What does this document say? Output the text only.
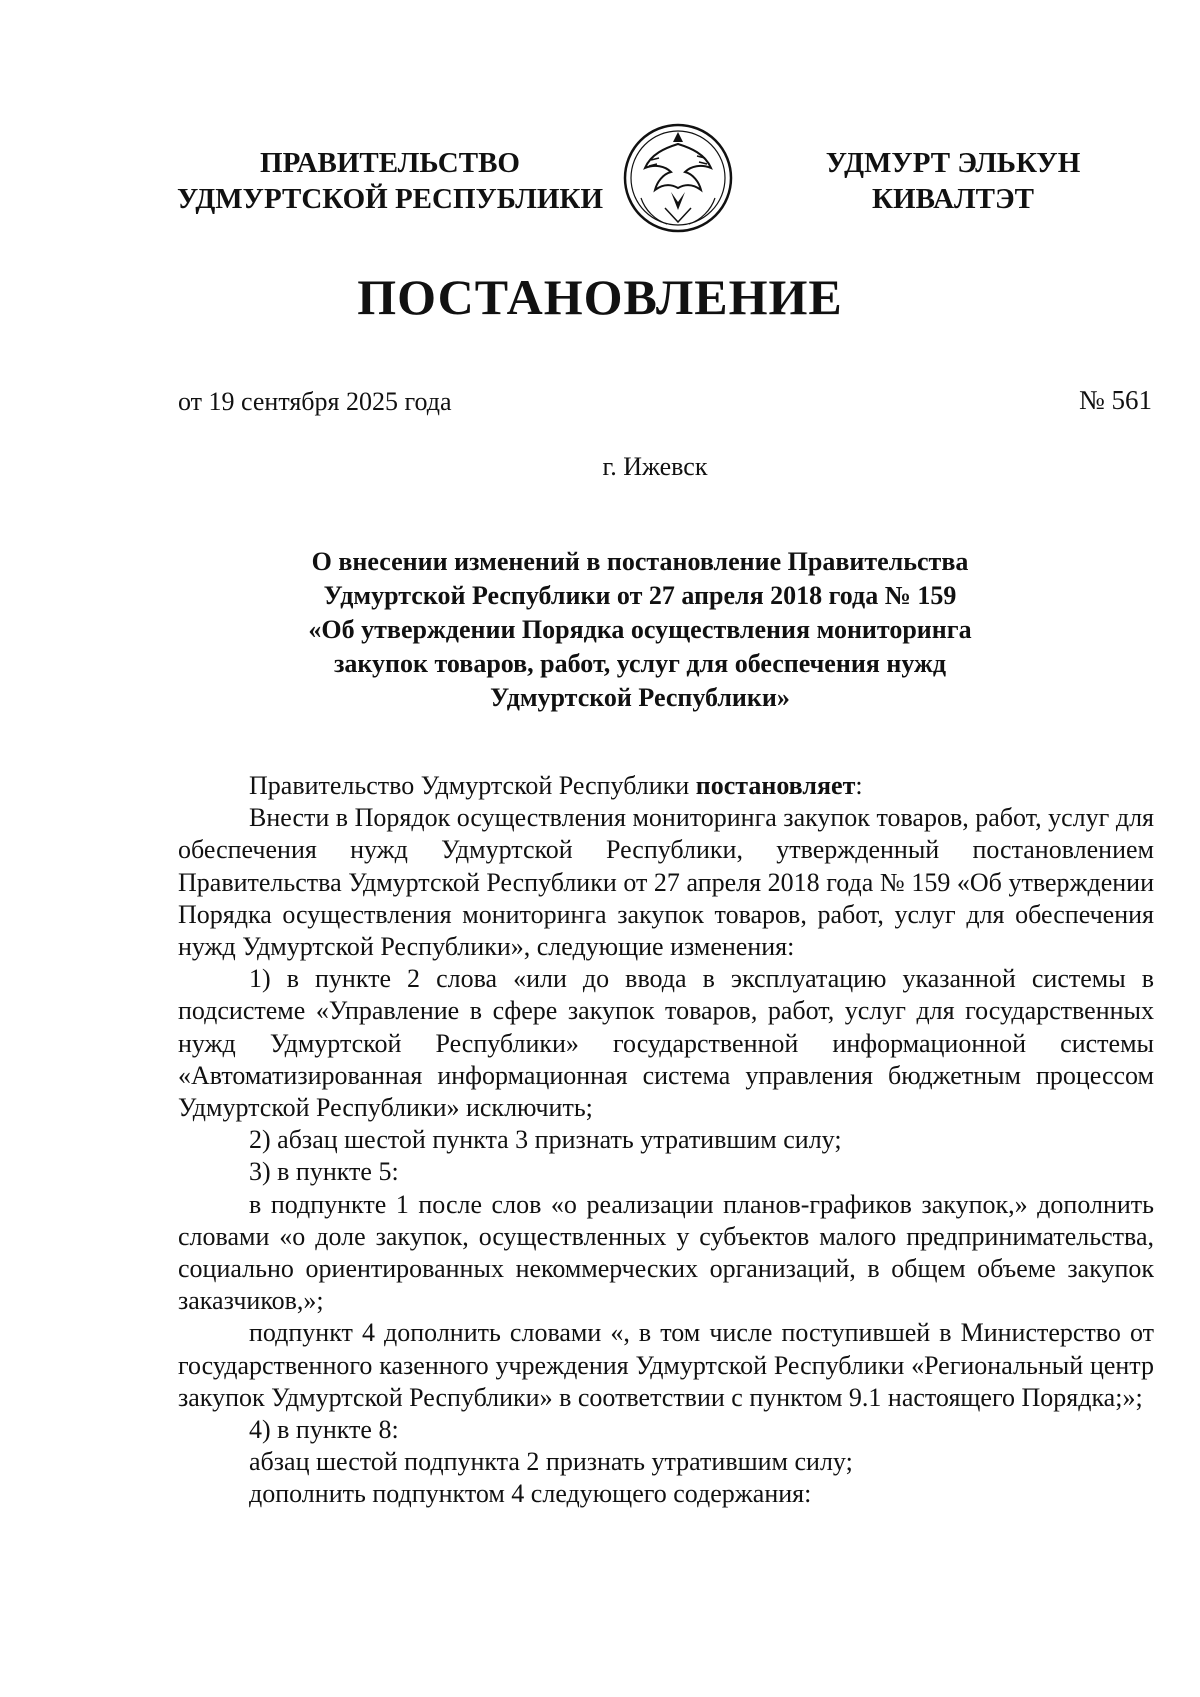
ПРАВИТЕЛЬСТВО
УДМУРТСКОЙ РЕСПУБЛИКИ
УДМУРТ ЭЛЬКУН
КИВАЛТЭТ
ПОСТАНОВЛЕНИЕ
от 19 сентября 2025 года	№ 561
г. Ижевск
О внесении изменений в постановление Правительства
Удмуртской Республики от 27 апреля 2018 года № 159
«Об утверждении Порядка осуществления мониторинга
закупок товаров, работ, услуг для обеспечения нужд
Удмуртской Республики»

Правительство Удмуртской Республики постановляет:

Внести в Порядок осуществления мониторинга закупок товаров, работ, услуг для обеспечения нужд Удмуртской Республики, утвержденный постановлением Правительства Удмуртской Республики от 27 апреля 2018 года № 159 «Об утверждении Порядка осуществления мониторинга закупок товаров, работ, услуг для обеспечения нужд Удмуртской Республики», следующие изменения:

1) в пункте 2 слова «или до ввода в эксплуатацию указанной системы в подсистеме «Управление в сфере закупок товаров, работ, услуг для государственных нужд Удмуртской Республики» государственной информационной системы «Автоматизированная информационная система управления бюджетным процессом Удмуртской Республики» исключить;

2) абзац шестой пункта 3 признать утратившим силу;

3) в пункте 5:

в подпункте 1 после слов «о реализации планов-графиков закупок,» дополнить словами «о доле закупок, осуществленных у субъектов малого предпринимательства, социально ориентированных некоммерческих организаций, в общем объеме закупок заказчиков,»;

подпункт 4 дополнить словами «, в том числе поступившей в Министерство от государственного казенного учреждения Удмуртской Республики «Региональный центр закупок Удмуртской Республики» в соответствии с пунктом 9.1 настоящего Порядка;»;

4) в пункте 8:

абзац шестой подпункта 2 признать утратившим силу;

дополнить подпунктом 4 следующего содержания:
